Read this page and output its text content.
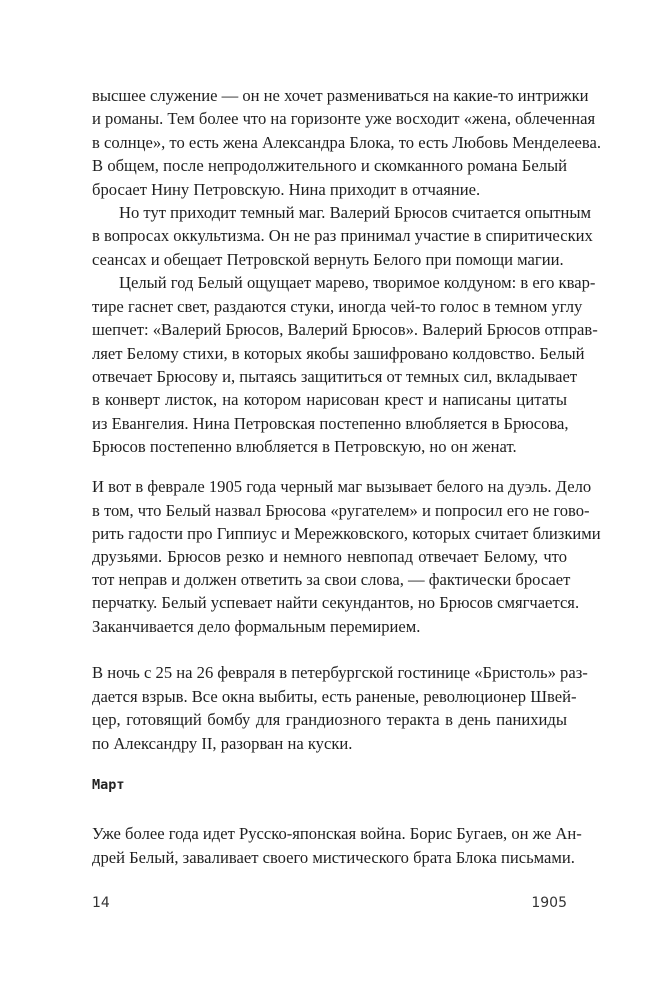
высшее служение — он не хочет размениваться на какие-то интрижки
и романы. Тем более что на горизонте уже восходит «жена, облеченная
в солнце», то есть жена Александра Блока, то есть Любовь Менделеева.
В общем, после непродолжительного и скомканного романа Белый
бросает Нину Петровскую. Нина приходит в отчаяние.
Но тут приходит темный маг. Валерий Брюсов считается опытным
в вопросах оккультизма. Он не раз принимал участие в спиритических
сеансах и обещает Петровской вернуть Белого при помощи магии.
Целый год Белый ощущает марево, творимое колдуном: в его квар-
тире гаснет свет, раздаются стуки, иногда чей-то голос в темном углу
шепчет: «Валерий Брюсов, Валерий Брюсов». Валерий Брюсов отправ-
ляет Белому стихи, в которых якобы зашифровано колдовство. Белый
отвечает Брюсову и, пытаясь защититься от темных сил, вкладывает
в конверт листок, на котором нарисован крест и написаны цитаты
из Евангелия. Нина Петровская постепенно влюбляется в Брюсова,
Брюсов постепенно влюбляется в Петровскую, но он женат.
И вот в феврале 1905 года черный маг вызывает белого на дуэль. Дело
в том, что Белый назвал Брюсова «ругателем» и попросил его не гово-
рить гадости про Гиппиус и Мережковского, которых считает близкими
друзьями. Брюсов резко и немного невпопад отвечает Белому, что
тот неправ и должен ответить за свои слова, — фактически бросает
перчатку. Белый успевает найти секундантов, но Брюсов смягчается.
Заканчивается дело формальным перемирием.
В ночь с 25 на 26 февраля в петербургской гостинице «Бристоль» раз-
дается взрыв. Все окна выбиты, есть раненые, революционер Швей-
цер, готовящий бомбу для грандиозного теракта в день панихиды
по Александру II, разорван на куски.
Март
Уже более года идет Русско-японская война. Борис Бугаев, он же Ан-
дрей Белый, заваливает своего мистического брата Блока письмами.
14	1905
